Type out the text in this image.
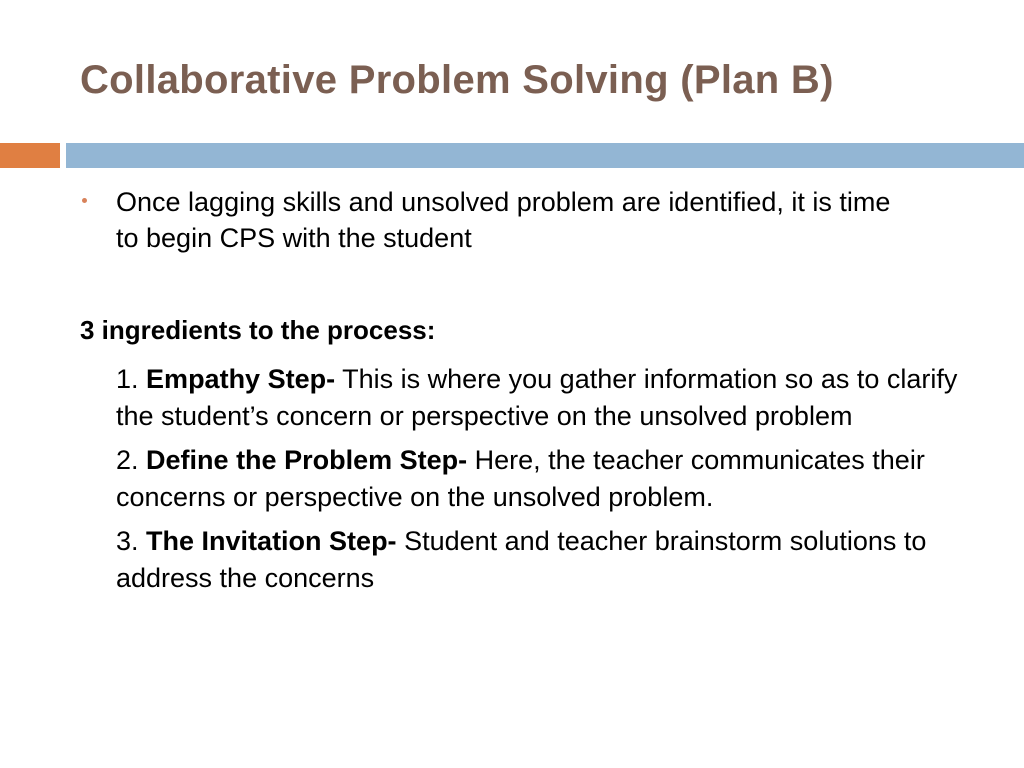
Collaborative Problem Solving (Plan B)
Once lagging skills and unsolved problem are identified, it is time to begin CPS with the student
3 ingredients to the process:

1. Empathy Step- This is where you gather information so as to clarify the student’s concern or perspective on the unsolved problem

2. Define the Problem Step- Here, the teacher communicates their concerns or perspective on the unsolved problem.

3. The Invitation Step- Student and teacher brainstorm solutions to address the concerns
